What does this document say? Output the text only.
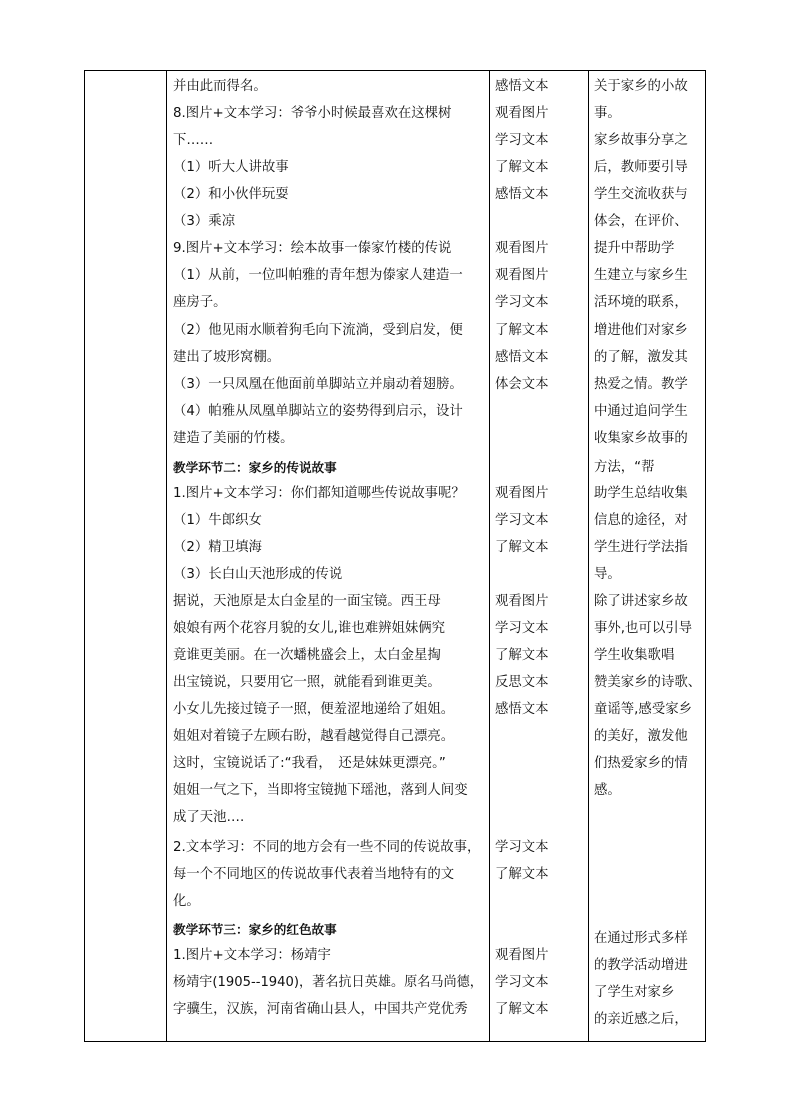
并由此而得名。
8.图片+文本学习：爷爷小时候最喜欢在这棵树
下……
（1）听大人讲故事
（2）和小伙伴玩耍
（3）乘凉
9.图片+文本学习：绘本故事一傣家竹楼的传说
（1）从前，一位叫帕雅的青年想为傣家人建造一
座房子。
（2）他见雨水顺着狗毛向下流淌，受到启发，便
建出了坡形窝棚。
（3）一只凤凰在他面前单脚站立并扇动着翅膀。
（4）帕雅从凤凰单脚站立的姿势得到启示，设计
建造了美丽的竹楼。
教学环节二：家乡的传说故事
1.图片+文本学习：你们都知道哪些传说故事呢？
（1）牛郎织女
（2）精卫填海
（3）长白山天池形成的传说
据说，天池原是太白金星的一面宝镜。西王母
娘娘有两个花容月貌的女儿,谁也难辨姐妹俩究
竟谁更美丽。在一次蟠桃盛会上，太白金星掏
出宝镜说，只要用它一照，就能看到谁更美。
小女儿先接过镜子一照，便羞涩地递给了姐姐。
姐姐对着镜子左顾右盼，越看越觉得自己漂亮。
这时，宝镜说话了:“我看，　还是妹妹更漂亮。”
姐姐一气之下，当即将宝镜抛下瑶池，落到人间变
成了天池….
2.文本学习：不同的地方会有一些不同的传说故事，
每一个不同地区的传说故事代表着当地特有的文
化。
教学环节三：家乡的红色故事
1.图片+文本学习：杨靖宇
杨靖宇(1905--1940)，著名抗日英雄。原名马尚德，
字骥生，汉族，河南省确山县人，中国共产党优秀
感悟文本
观看图片
学习文本
了解文本
感悟文本
观看图片
观看图片
学习文本
了解文本
感悟文本
体会文本
观看图片
学习文本
了解文本
观看图片
学习文本
了解文本
反思文本
感悟文本
学习文本
了解文本
观看图片
学习文本
了解文本
关于家乡的小故
事。
家乡故事分享之
后，教师要引导
学生交流收获与
体会，在评价、
提升中帮助学
生建立与家乡生
活环境的联系，
增进他们对家乡
的了解，激发其
热爱之情。教学
中通过追问学生
收集家乡故事的
方法，“帮
助学生总结收集
信息的途径，对
学生进行学法指
导。
除了讲述家乡故
事外,也可以引导
学生收集歌唱
赞美家乡的诗歌、
童谣等,感受家乡
的美好，激发他
们热爱家乡的情
感。
在通过形式多样
的教学活动增进
了学生对家乡
的亲近感之后，
